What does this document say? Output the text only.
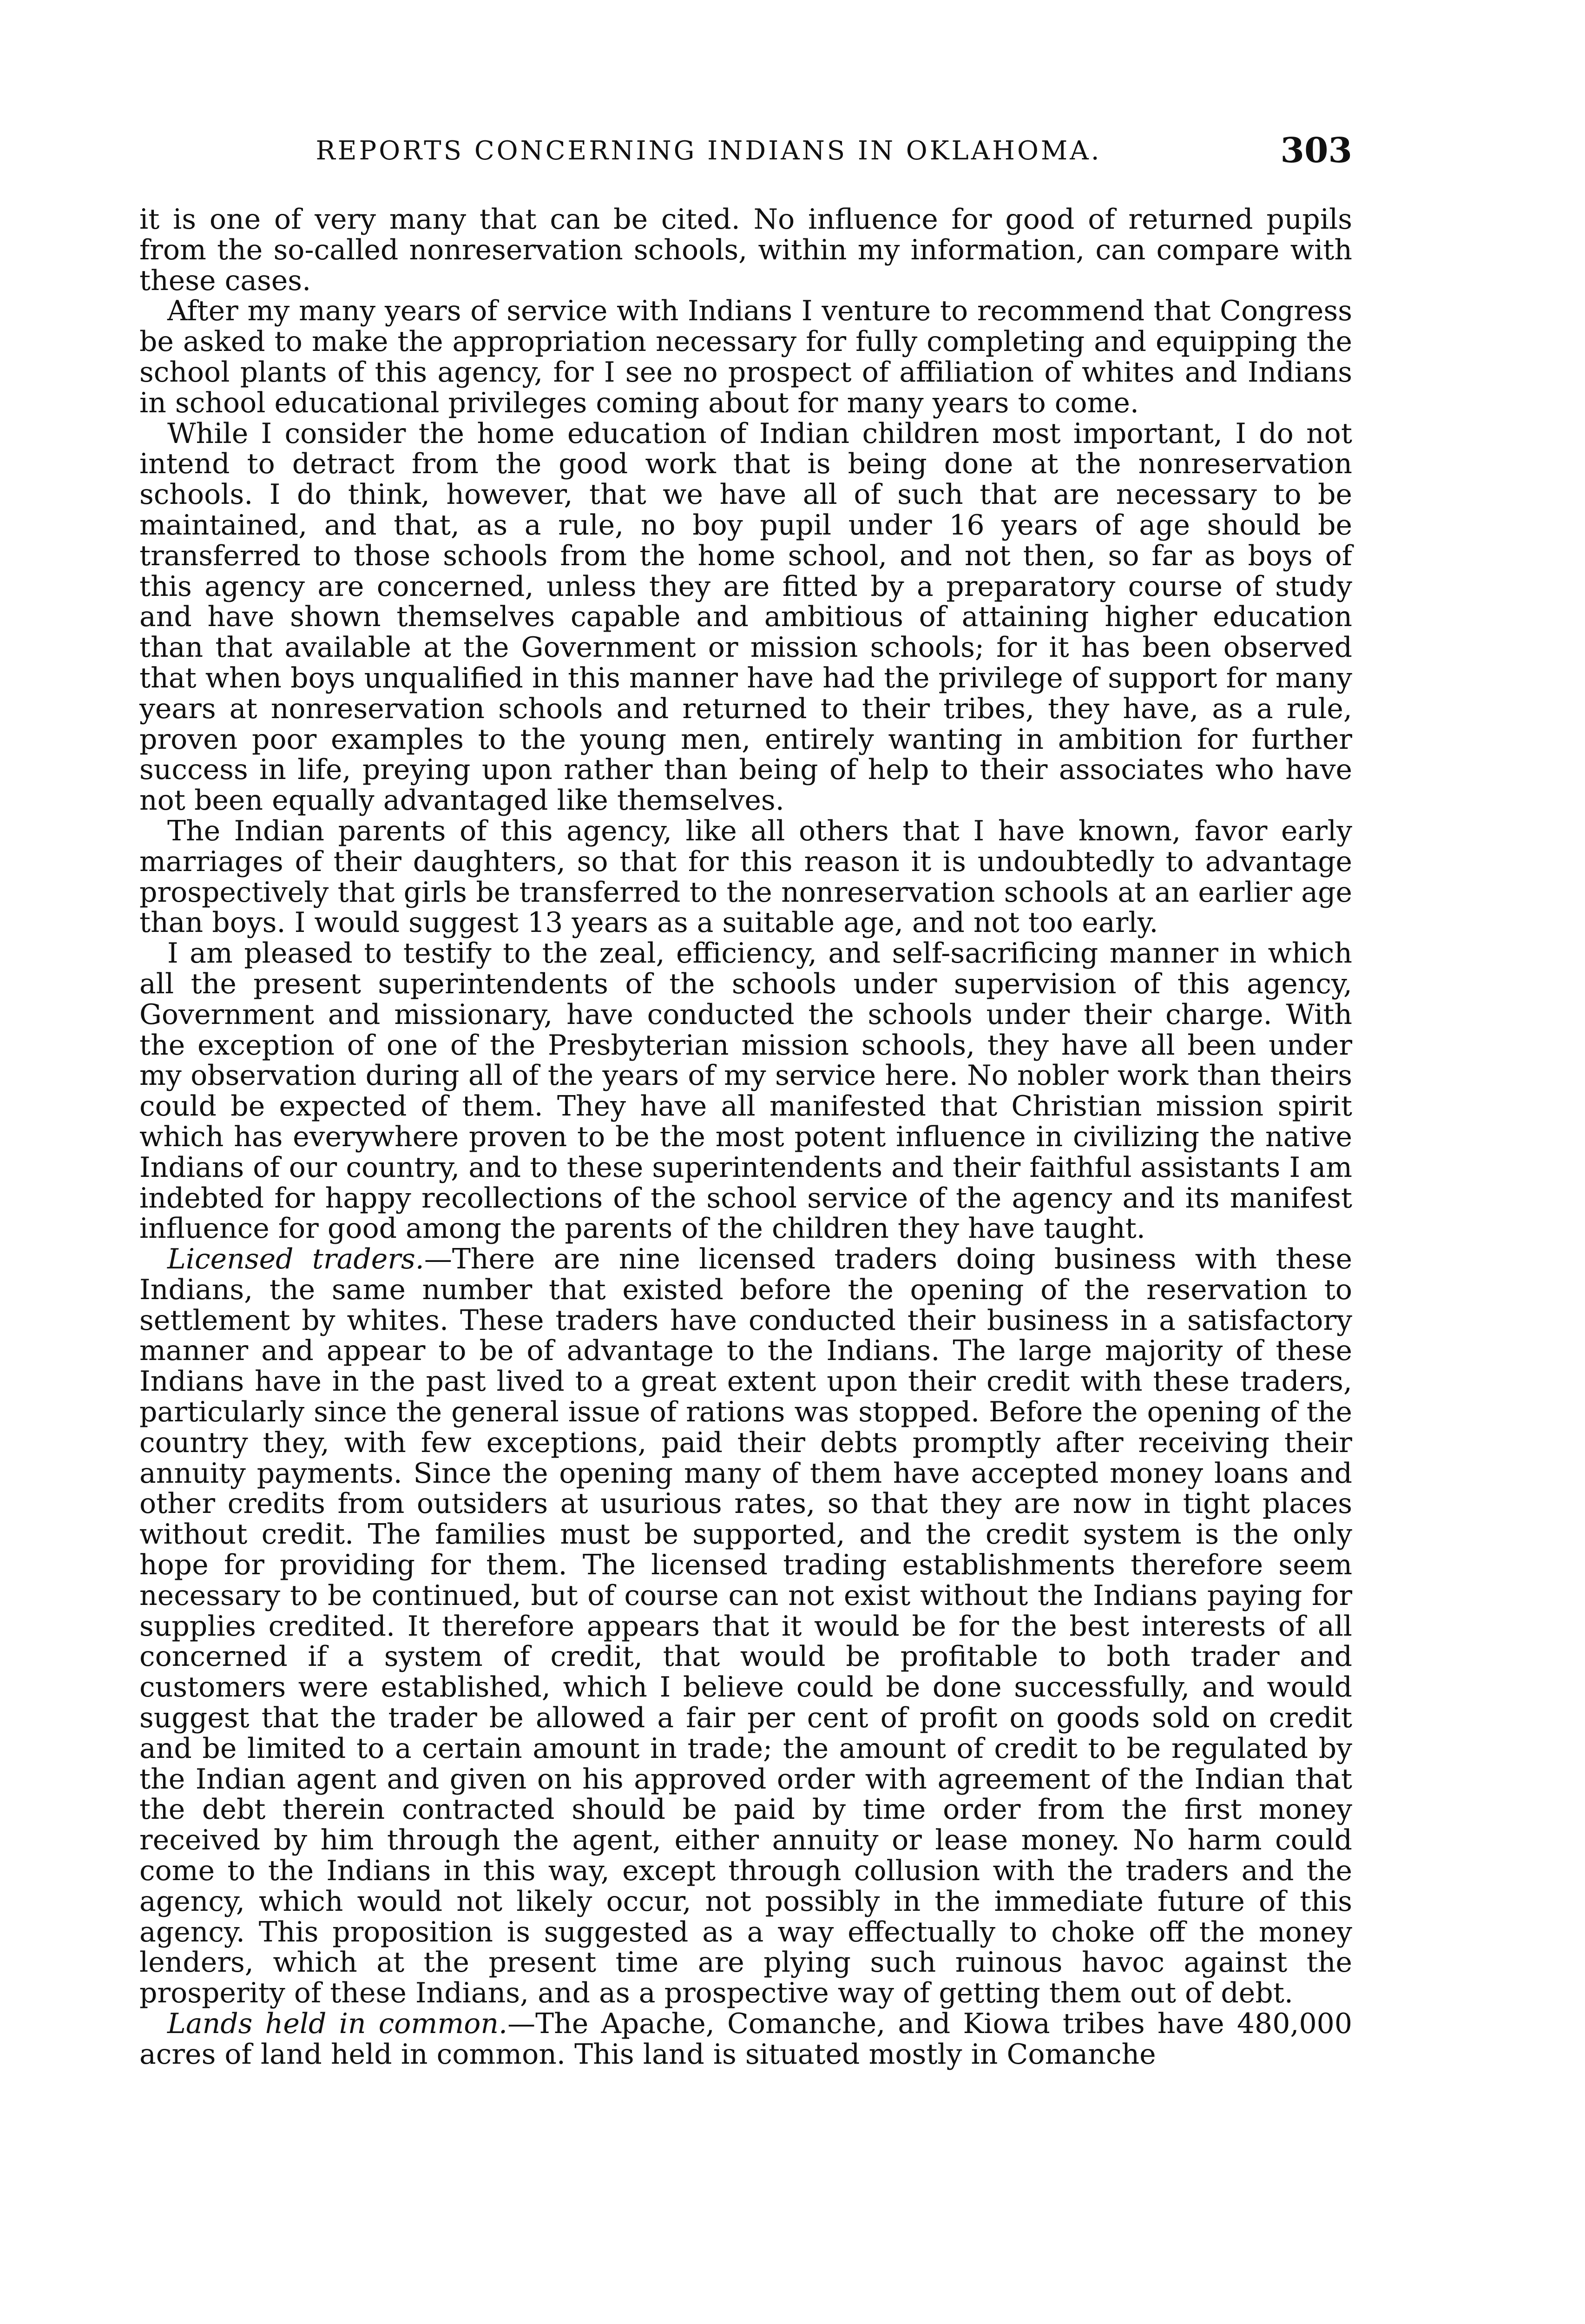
REPORTS CONCERNING INDIANS IN OKLAHOMA.	303

it is one of very many that can be cited. No influence for good of returned pupils from the so-called nonreservation schools, within my information, can compare with these cases.

After my many years of service with Indians I venture to recommend that Congress be asked to make the appropriation necessary for fully completing and equipping the school plants of this agency, for I see no prospect of affiliation of whites and Indians in school educational privileges coming about for many years to come.

While I consider the home education of Indian children most important, I do not intend to detract from the good work that is being done at the nonreservation schools. I do think, however, that we have all of such that are necessary to be maintained, and that, as a rule, no boy pupil under 16 years of age should be transferred to those schools from the home school, and not then, so far as boys of this agency are concerned, unless they are fitted by a preparatory course of study and have shown themselves capable and ambitious of attaining higher education than that available at the Government or mission schools; for it has been observed that when boys unqualified in this manner have had the privilege of support for many years at nonreservation schools and returned to their tribes, they have, as a rule, proven poor examples to the young men, entirely wanting in ambition for further success in life, preying upon rather than being of help to their associates who have not been equally advantaged like themselves.

The Indian parents of this agency, like all others that I have known, favor early marriages of their daughters, so that for this reason it is undoubtedly to advantage prospectively that girls be transferred to the nonreservation schools at an earlier age than boys. I would suggest 13 years as a suitable age, and not too early.

I am pleased to testify to the zeal, efficiency, and self-sacrificing manner in which all the present superintendents of the schools under supervision of this agency, Government and missionary, have conducted the schools under their charge. With the exception of one of the Presbyterian mission schools, they have all been under my observation during all of the years of my service here. No nobler work than theirs could be expected of them. They have all manifested that Christian mission spirit which has everywhere proven to be the most potent influence in civilizing the native Indians of our country, and to these superintendents and their faithful assistants I am indebted for happy recollections of the school service of the agency and its manifest influence for good among the parents of the children they have taught.

Licensed traders.—There are nine licensed traders doing business with these Indians, the same number that existed before the opening of the reservation to settlement by whites. These traders have conducted their business in a satisfactory manner and appear to be of advantage to the Indians. The large majority of these Indians have in the past lived to a great extent upon their credit with these traders, particularly since the general issue of rations was stopped. Before the opening of the country they, with few exceptions, paid their debts promptly after receiving their annuity payments. Since the opening many of them have accepted money loans and other credits from outsiders at usurious rates, so that they are now in tight places without credit. The families must be supported, and the credit system is the only hope for providing for them. The licensed trading establishments therefore seem necessary to be continued, but of course can not exist without the Indians paying for supplies credited. It therefore appears that it would be for the best interests of all concerned if a system of credit, that would be profitable to both trader and customers were established, which I believe could be done successfully, and would suggest that the trader be allowed a fair per cent of profit on goods sold on credit and be limited to a certain amount in trade; the amount of credit to be regulated by the Indian agent and given on his approved order with agreement of the Indian that the debt therein contracted should be paid by time order from the first money received by him through the agent, either annuity or lease money. No harm could come to the Indians in this way, except through collusion with the traders and the agency, which would not likely occur, not possibly in the immediate future of this agency. This proposition is suggested as a way effectually to choke off the money lenders, which at the present time are plying such ruinous havoc against the prosperity of these Indians, and as a prospective way of getting them out of debt.

Lands held in common.—The Apache, Comanche, and Kiowa tribes have 480,000 acres of land held in common. This land is situated mostly in Comanche
